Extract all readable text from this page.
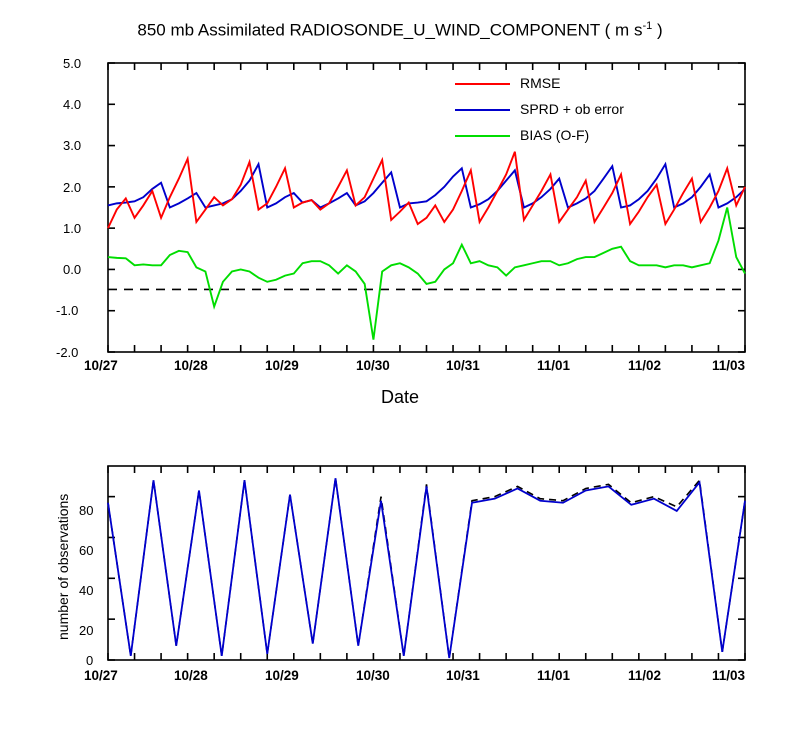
850 mb Assimilated RADIOSONDE_U_WIND_COMPONENT ( m $s^{-1}$ )
RMSE
SPRD + ob error
BIAS (O-F)
5.0
4.0
3.0
2.0
1.0
0.0
-1.0
-2.0
10/27	10/28	10/29	10/30	10/31	11/01	11/02	11/03
Date
80
60
40
20
0
10/27	10/28	10/29	10/30	10/31	11/01	11/02	11/03
number of observations
